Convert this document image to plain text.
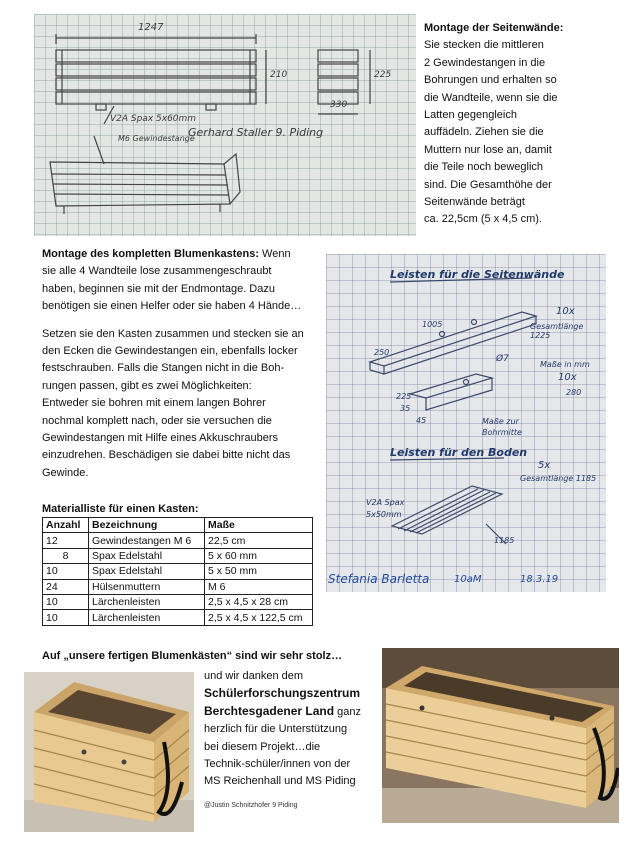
1247
210	225
330
V2A Spax 5x60mm
M6 Gewindestange
Gerhard Staller 9. Piding
Montage der Seitenwände:
Sie stecken die mittleren
2 Gewindestangen in die
Bohrungen und erhalten so
die Wandteile, wenn sie die
Latten gegengleich
auffädeln. Ziehen sie die
Muttern nur lose an, damit
die Teile noch beweglich
sind. Die Gesamthöhe der
Seitenwände beträgt
ca. 22,5cm (5 x 4,5 cm).
Montage des kompletten Blumenkastens: Wenn
sie alle 4 Wandteile lose zusammengeschraubt
haben, beginnen sie mit der Endmontage. Dazu
benötigen sie einen Helfer oder sie haben 4 Hände…
Setzen sie den Kasten zusammen und stecken sie an
den Ecken die Gewindestangen ein, ebenfalls locker
festschrauben. Falls die Stangen nicht in die Boh-
rungen passen, gibt es zwei Möglichkeiten:
Entweder sie bohren mit einem langen Bohrer
nochmal komplett nach, oder sie versuchen die
Gewindestangen mit Hilfe eines Akkuschraubers
einzudrehen. Beschädigen sie dabei bitte nicht das
Gewinde.
Leisten für die Seitenwände
10x
Gesamtlänge 1225
1005
250
Ø7
Maße in mm
10x
280
225
35
45	Maße zur Bohrmitte
Leisten für den Boden
5x
Gesamtlänge 1185
V2A Spax
5x50mm
1185
Stefania Barletta 10aM	18.3.19
Materialliste für einen Kasten:
Anzahl	Bezeichnung	Maße
12	Gewindestangen M 6	22,5 cm
8	Spax Edelstahl	5 x 60 mm
10	Spax Edelstahl	5 x 50 mm
24	Hülsenmuttern	M 6
10	Lärchenleisten	2,5 x 4,5 x 28 cm
10	Lärchenleisten	2,5 x 4,5 x 122,5 cm
Auf „unsere fertigen Blumenkästen“ sind wir sehr stolz…
und wir danken dem
Schülerforschungszentrum
Berchtesgadener Land ganz
herzlich für die Unterstützung
bei diesem Projekt…die
Technik-schüler/innen von der
MS Reichenhall und MS Piding
@Justin Schnitzhofer 9 Piding
